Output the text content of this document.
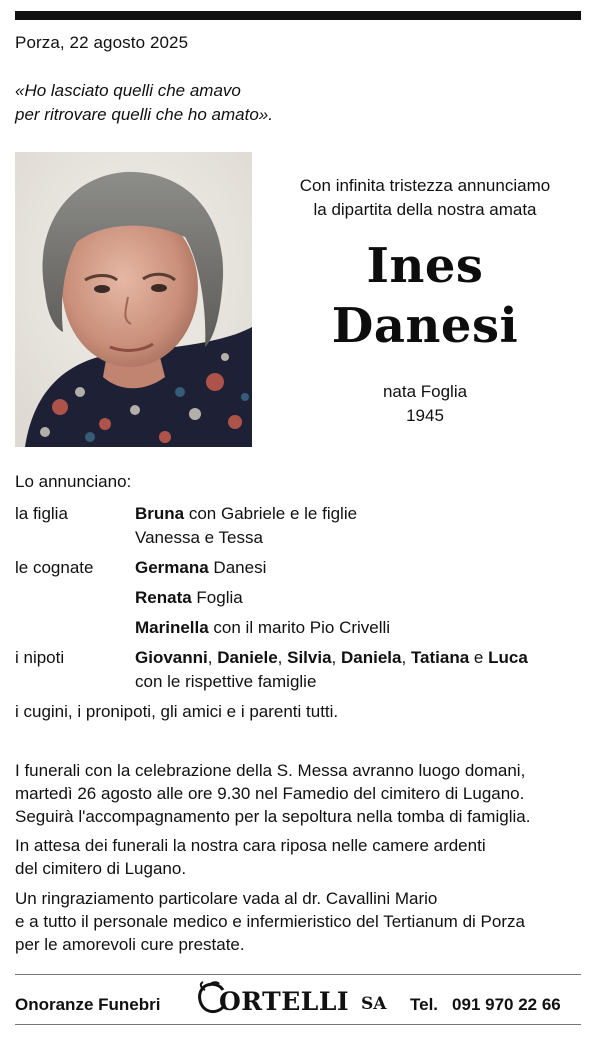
Porza, 22 agosto 2025
«Ho lasciato quelli che amavo
per ritrovare quelli che ho amato».
Con infinita tristezza annunciamo
la dipartita della nostra amata
Ines
Danesi
nata Foglia
1945
Lo annunciano:
la figlia	Bruna con Gabriele e le figlie
Vanessa e Tessa
le cognate Germana Danesi
Renata Foglia
Marinella con il marito Pio Crivelli
i nipoti	Giovanni, Daniele, Silvia, Daniela, Tatiana e Luca
con le rispettive famiglie
i cugini, i pronipoti, gli amici e i parenti tutti.
I funerali con la celebrazione della S. Messa avranno luogo domani,
martedì 26 agosto alle ore 9.30 nel Famedio del cimitero di Lugano.
Seguirà l'accompagnamento per la sepoltura nella tomba di famiglia.
In attesa dei funerali la nostra cara riposa nelle camere ardenti
del cimitero di Lugano.
Un ringraziamento particolare vada al dr. Cavallini Mario
e a tutto il personale medico e infermieristico del Tertianum di Porza
per le amorevoli cure prestate.
Onoranze Funebri ORTELLI SA Tel. 091 970 22 66
